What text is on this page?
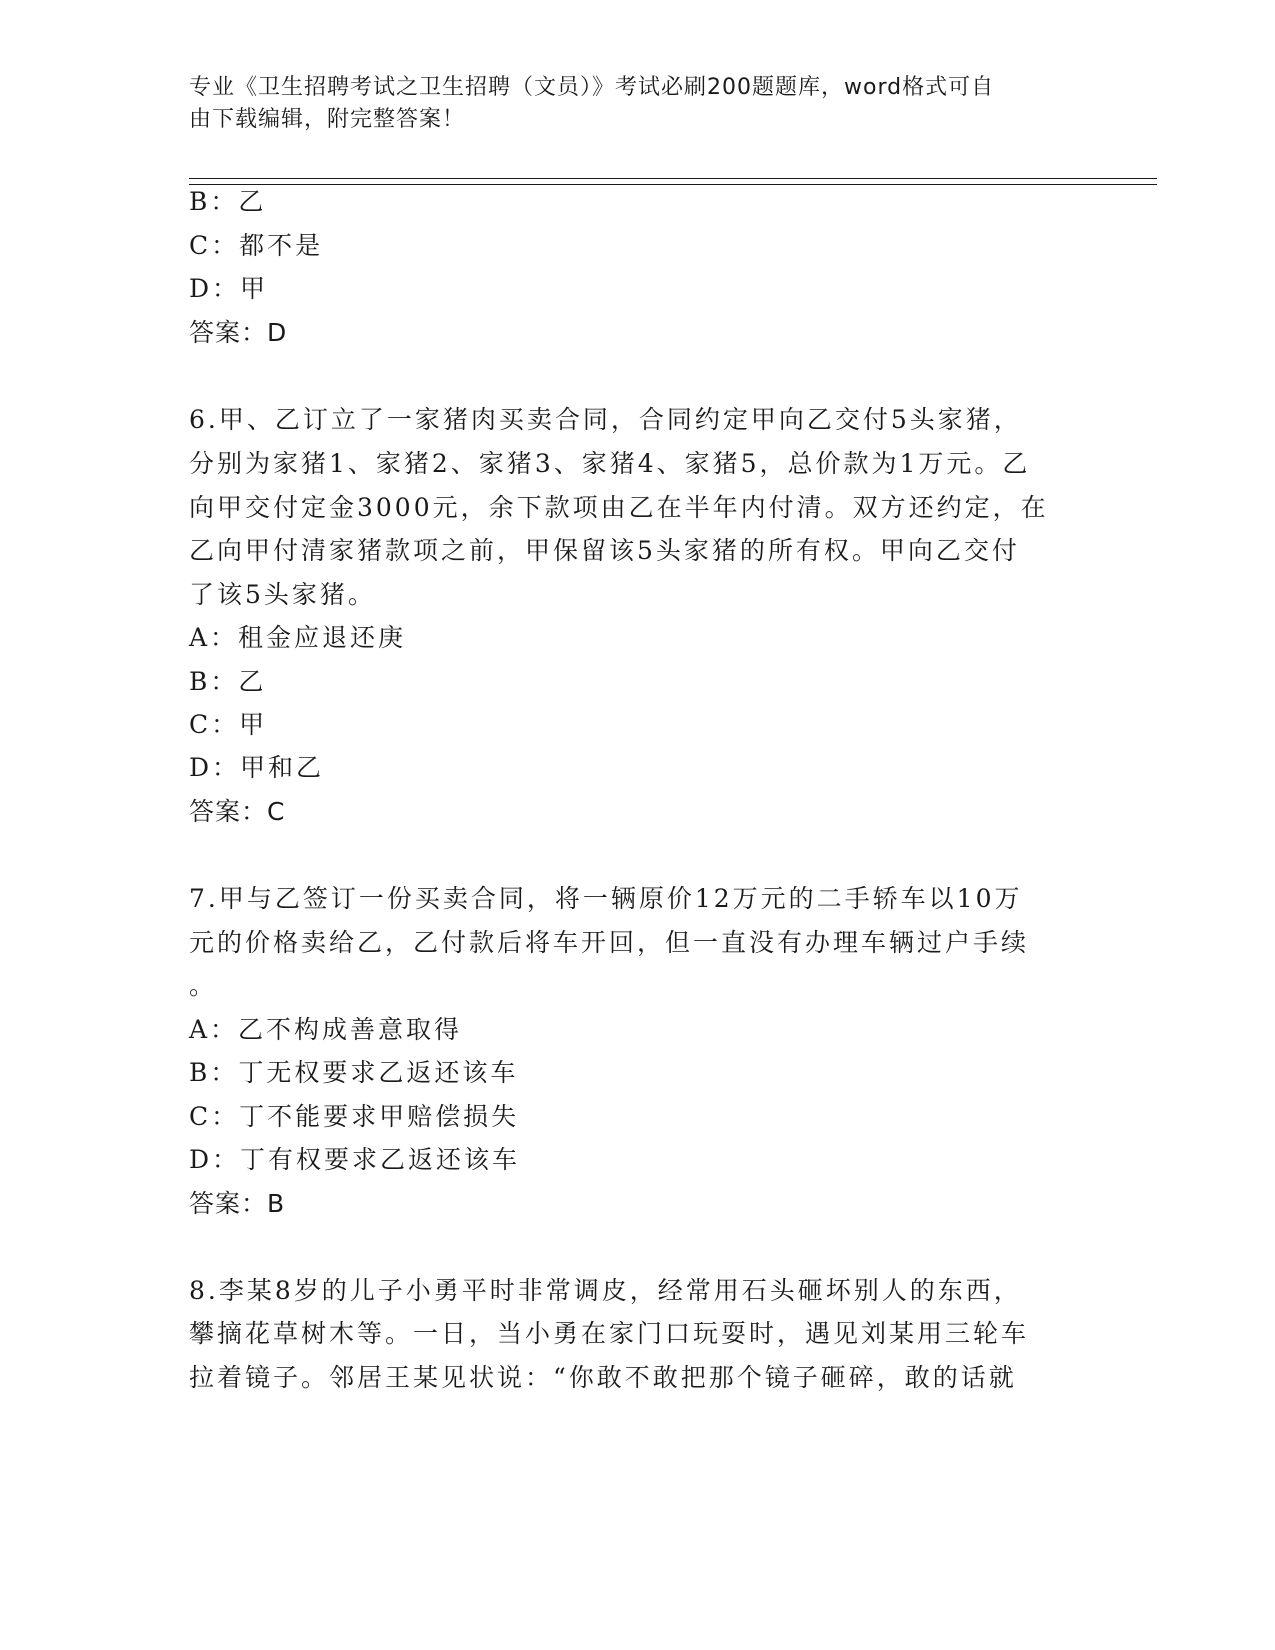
专业《卫生招聘考试之卫生招聘（文员）》考试必刷200题题库，word格式可自
由下载编辑，附完整答案！
B：乙
C：都不是
D：甲
答案：D
6.甲、乙订立了一家猪肉买卖合同，合同约定甲向乙交付5头家猪，
分别为家猪1、家猪2、家猪3、家猪4、家猪5，总价款为1万元。乙
向甲交付定金3000元，余下款项由乙在半年内付清。双方还约定，在
乙向甲付清家猪款项之前，甲保留该5头家猪的所有权。甲向乙交付
了该5头家猪。
A：租金应退还庚
B：乙
C：甲
D：甲和乙
答案：C
7.甲与乙签订一份买卖合同，将一辆原价12万元的二手轿车以10万
元的价格卖给乙，乙付款后将车开回，但一直没有办理车辆过户手续
。
A：乙不构成善意取得
B：丁无权要求乙返还该车
C：丁不能要求甲赔偿损失
D：丁有权要求乙返还该车
答案：B
8.李某8岁的儿子小勇平时非常调皮，经常用石头砸坏别人的东西，
攀摘花草树木等。一日，当小勇在家门口玩耍时，遇见刘某用三轮车
拉着镜子。邻居王某见状说：“你敢不敢把那个镜子砸碎，敢的话就
